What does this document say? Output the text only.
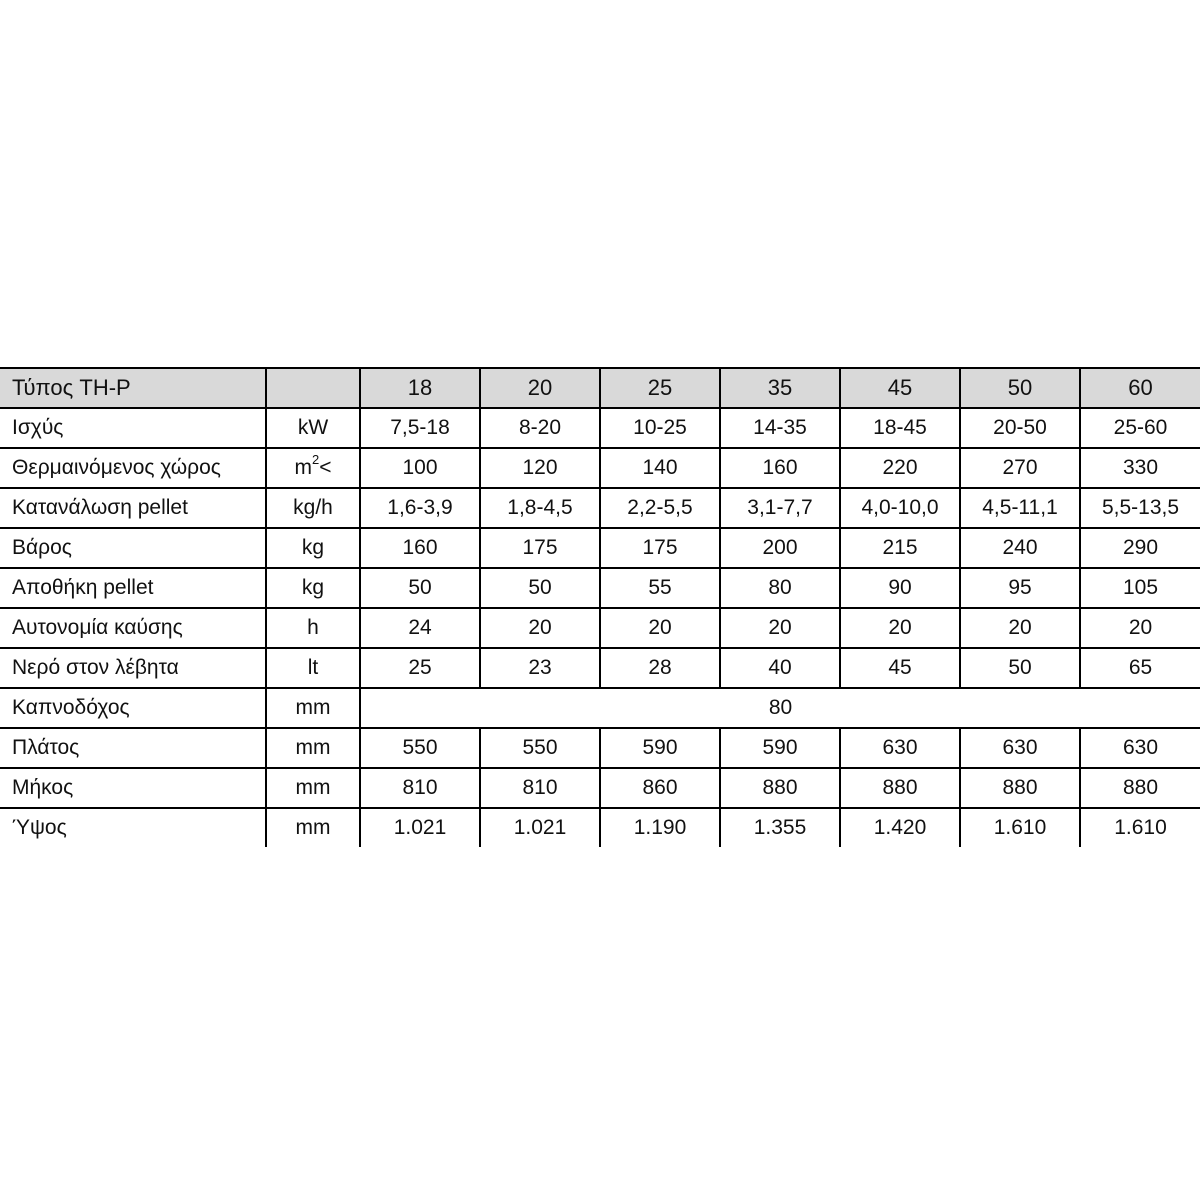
Τύπος TH-P		18	20	25	35	45	50	60
Ισχύς	kW	7,5-18	8-20	10-25	14-35	18-45	20-50	25-60
Θερμαινόμενος χώρος	$m^2<$	100	120	140	160	220	270	330
Κατανάλωση pellet	kg/h	1,6-3,9	1,8-4,5	2,2-5,5	3,1-7,7	4,0-10,0	4,5-11,1	5,5-13,5
Βάρος	kg	160	175	175	200	215	240	290
Αποθήκη pellet	kg	50	50	55	80	90	95	105
Αυτονομία καύσης	h	24	20	20	20	20	20	20
Νερό στον λέβητα	lt	25	23	28	40	45	50	65
Καπνοδόχος	mm	80						
Πλάτος	mm	550	550	590	590	630	630	630
Μήκος	mm	810	810	860	880	880	880	880
Ύψος	mm	1.021	1.021	1.190	1.355	1.420	1.610	1.610
